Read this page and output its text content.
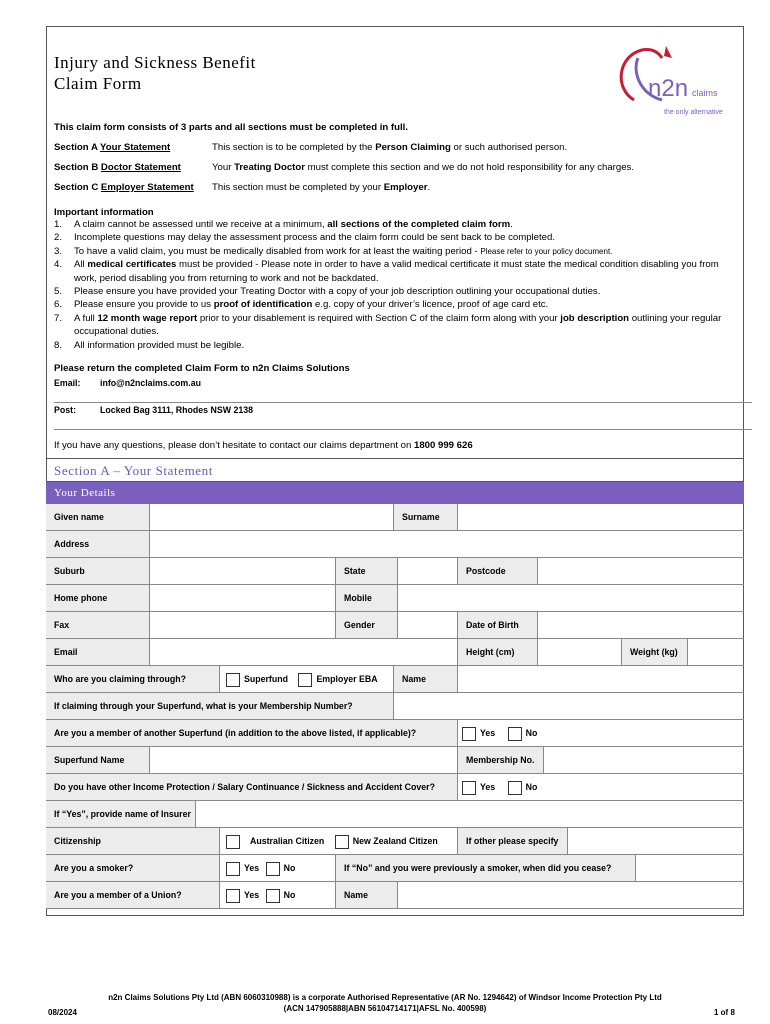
Injury and Sickness Benefit
Claim Form	n2n claims
the only alternative
This claim form consists of 3 parts and all sections must be completed in full.
Section A Your Statement	This section is to be completed by the Person Claiming or such authorised person.
Section B Doctor Statement	Your Treating Doctor must complete this section and we do not hold responsibility for any charges.
Section C Employer Statement	This section must be completed by your Employer.
Important information
1.	A claim cannot be assessed until we receive at a minimum, all sections of the completed claim form.
2.	Incomplete questions may delay the assessment process and the claim form could be sent back to be completed.
3.	To have a valid claim, you must be medically disabled from work for at least the waiting period - Please refer to your policy document.
4.	All medical certificates must be provided - Please note in order to have a valid medical certificate it must state the medical condition disabling you from work, period disabling you from returning to work and not be backdated.
5.	Please ensure you have provided your Treating Doctor with a copy of your job description outlining your occupational duties.
6.	Please ensure you provide to us proof of identification e.g. copy of your driver’s licence, proof of age card etc.
7.	A full 12 month wage report prior to your disablement is required with Section C of the claim form along with your job description outlining your regular occupational duties.
8.	All information provided must be legible.
Please return the completed Claim Form to n2n Claims Solutions
Email:	info@n2nclaims.com.au
Post:	Locked Bag 3111, Rhodes NSW 2138
If you have any questions, please don’t hesitate to contact our claims department on 1800 999 626
Section A – Your Statement
Your Details
Given name	Surname
Address
Suburb	State	Postcode
Home phone	Mobile
Fax	Gender	Date of Birth
Email	Height (cm)	Weight (kg)
Who are you claiming through?	Superfund	Employer EBA	Name
If claiming through your Superfund, what is your Membership Number?
Are you a member of another Superfund (in addition to the above listed, if applicable)?	Yes	No
Superfund Name	Membership No.
Do you have other Income Protection / Salary Continuance / Sickness and Accident Cover?	Yes	No
If “Yes”, provide name of Insurer
Citizenship	Australian Citizen	New Zealand Citizen	If other please specify
Are you a smoker?	Yes	No	If “No” and you were previously a smoker, when did you cease?
Are you a member of a Union?	Yes	No	Name
n2n Claims Solutions Pty Ltd (ABN 6060310988) is a corporate Authorised Representative (AR No. 1294642) of Windsor Income Protection Pty Ltd
(ACN 147905888|ABN 56104714171|AFSL No. 400598)
08/2024	1 of 8
